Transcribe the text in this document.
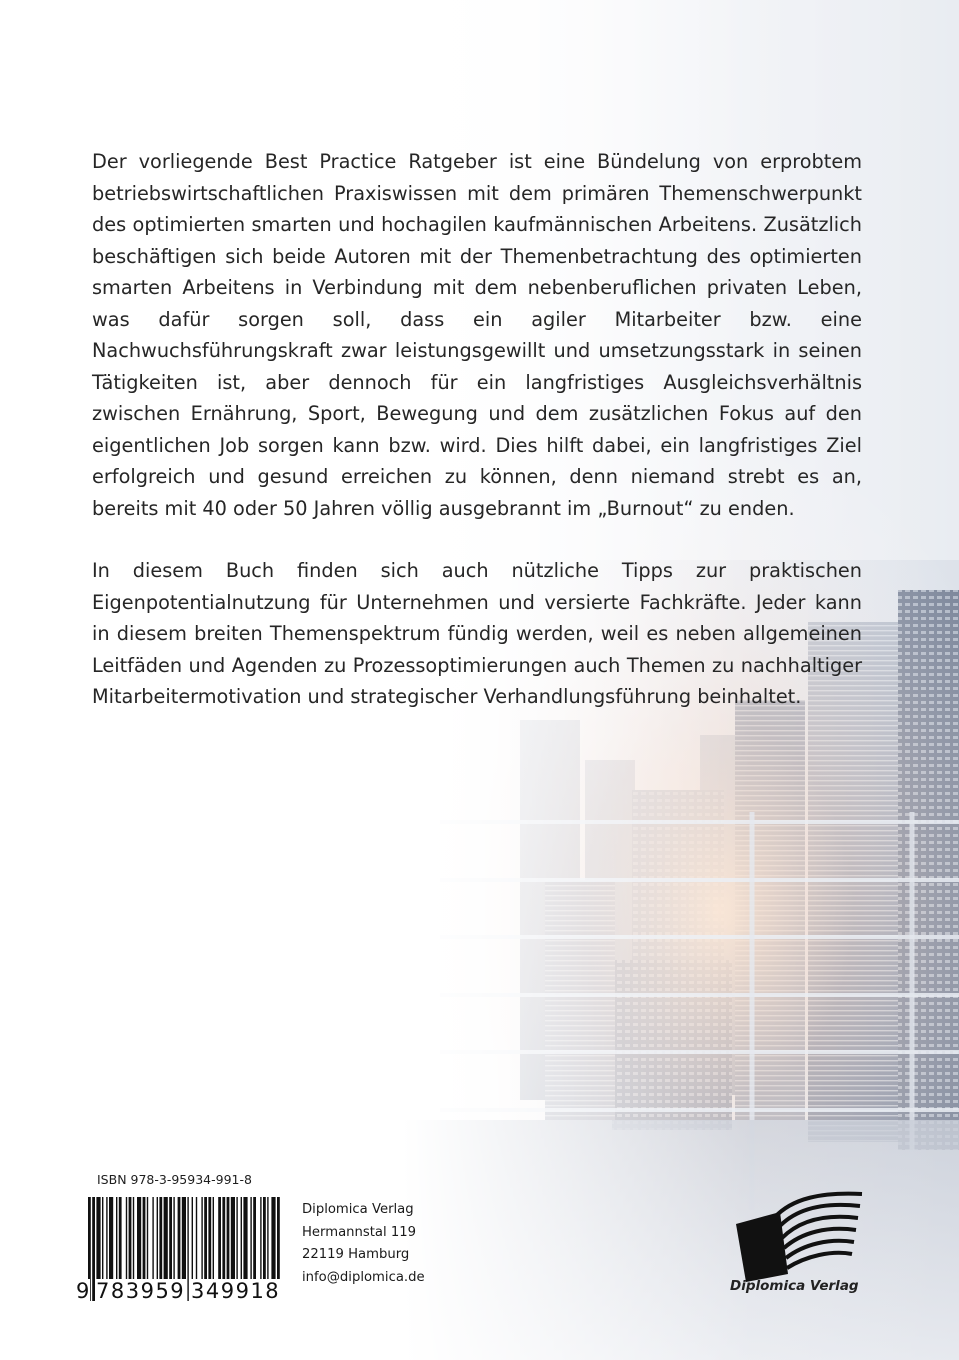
Der vorliegende Best Practice Ratgeber ist eine Bündelung von erprobtem betriebswirtschaftlichen Praxiswissen mit dem primären Themenschwerpunkt des optimierten smarten und hochagilen kaufmännischen Arbeitens. Zusätzlich beschäftigen sich beide Autoren mit der Themenbetrachtung des optimierten smarten Arbeitens in Verbindung mit dem nebenberuflichen privaten Leben, was dafür sorgen soll, dass ein agiler Mitarbeiter bzw. eine Nachwuchsführungskraft zwar leistungsgewillt und umsetzungsstark in seinen Tätigkeiten ist, aber dennoch für ein langfristiges Ausgleichsverhältnis zwischen Ernährung, Sport, Bewegung und dem zusätzlichen Fokus auf den eigentlichen Job sorgen kann bzw. wird. Dies hilft dabei, ein langfristiges Ziel erfolgreich und gesund erreichen zu können, denn niemand strebt es an, bereits mit 40 oder 50 Jahren völlig ausgebrannt im „Burnout“ zu enden.

In diesem Buch finden sich auch nützliche Tipps zur praktischen Eigenpotentialnutzung für Unternehmen und versierte Fachkräfte. Jeder kann in diesem breiten Themenspektrum fündig werden, weil es neben allgemeinen Leitfäden und Agenden zu Prozessoptimierungen auch Themen zu nachhaltiger Mitarbeitermotivation und strategischer Verhandlungsführung beinhaltet.

ISBN 978-3-95934-991-8
9 783959 349918
Diplomica Verlag
Hermannstal 119
22119 Hamburg
info@diplomica.de
Diplomica Verlag
